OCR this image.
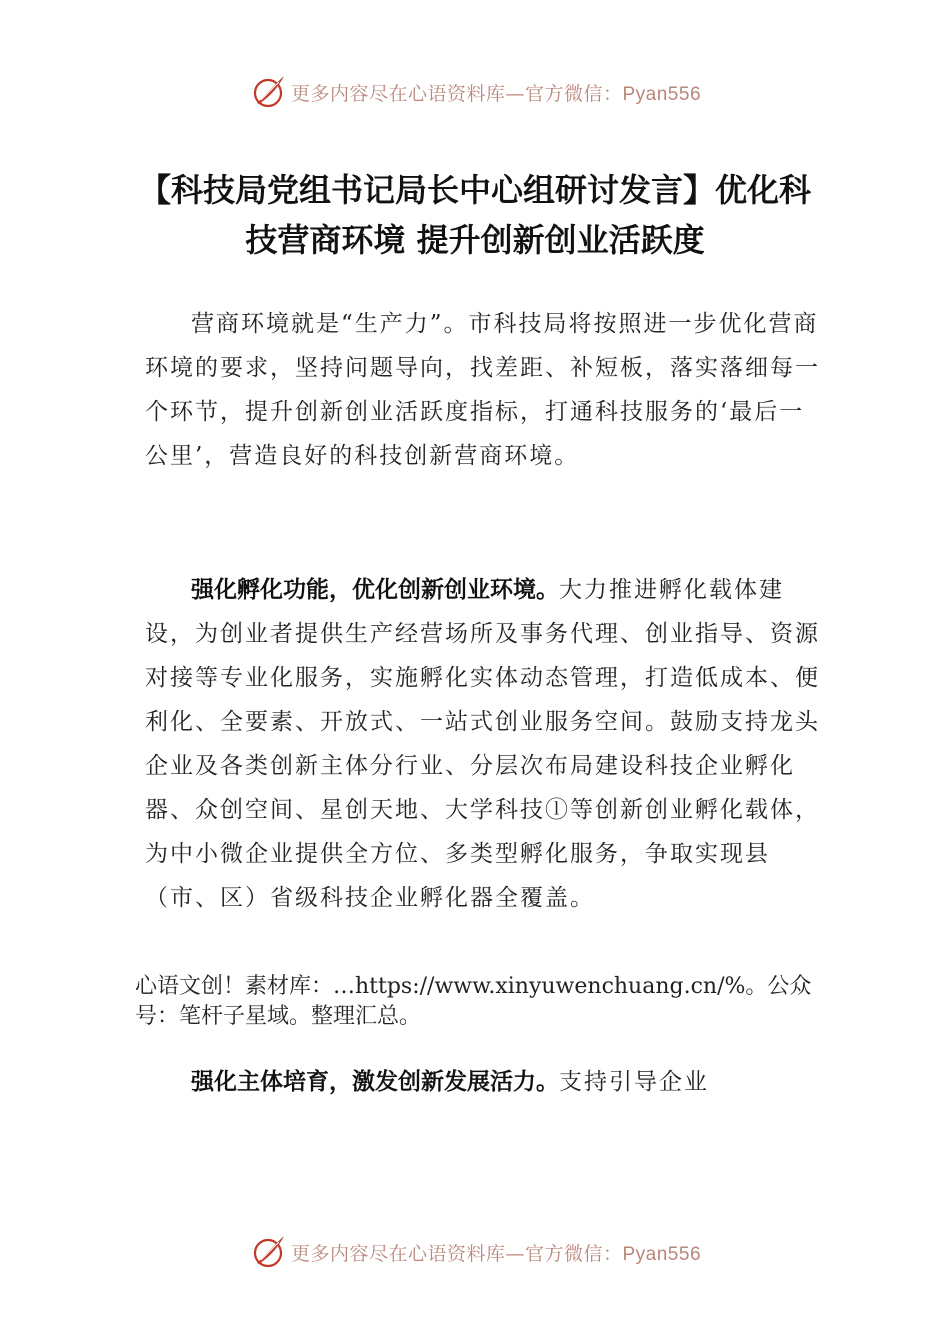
更多内容尽在心语资料库—官方微信：Pyan556
【科技局党组书记局长中心组研讨发言】优化科技营商环境 提升创新创业活跃度
营商环境就是“生产力”。市科技局将按照进一步优化营商环境的要求，坚持问题导向，找差距、补短板，落实落细每一个环节，提升创新创业活跃度指标，打通科技服务的‘最后一公里’，营造良好的科技创新营商环境。
强化孵化功能，优化创新创业环境。大力推进孵化载体建设，为创业者提供生产经营场所及事务代理、创业指导、资源对接等专业化服务，实施孵化实体动态管理，打造低成本、便利化、全要素、开放式、一站式创业服务空间。鼓励支持龙头企业及各类创新主体分行业、分层次布局建设科技企业孵化器、众创空间、星创天地、大学科技ⓛ等创新创业孵化载体，为中小微企业提供全方位、多类型孵化服务，争取实现县（市、区）省级科技企业孵化器全覆盖。
心语文创！素材库：…https://www.xinyuwenchuang.cn/%。公众号：笔杆子星域。整理汇总。
强化主体培育，激发创新发展活力。支持引导企业
更多内容尽在心语资料库—官方微信：Pyan556
